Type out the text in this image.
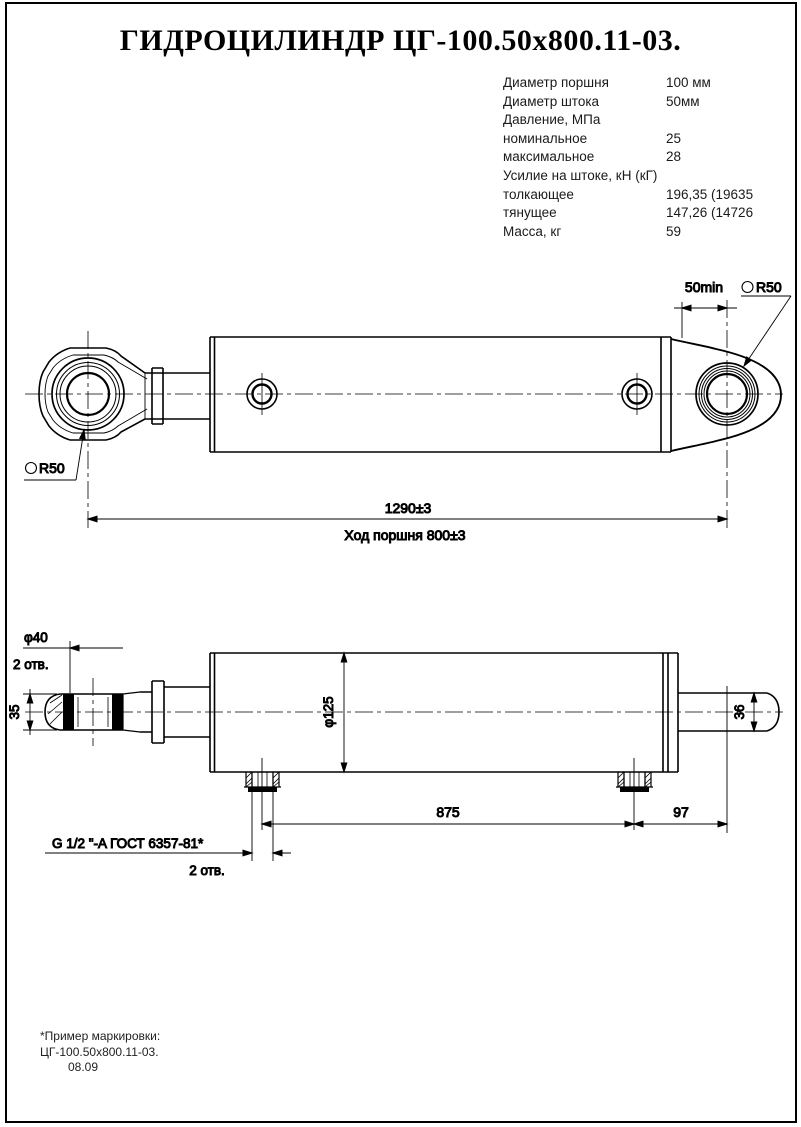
ГИДРОЦИЛИНДР ЦГ-100.50х800.11-03.
Диаметр поршня	100 мм
Диаметр штока	50мм
Давление, МПа
номинальное	25
максимальное	28
Усилие на штоке, кН (кГ)
толкающее	196,35 (19635
тянущее	147,26 (14726
Масса, кг	59
50min R50
R50
1290±3
Ход поршня 800±3
φ40
2 отв.
35	φ125	36
875	97
G 1/2 "-A ГОСТ 6357-81*
2 отв.
*Пример маркировки:
ЦГ-100.50х800.11-03.
08.09
